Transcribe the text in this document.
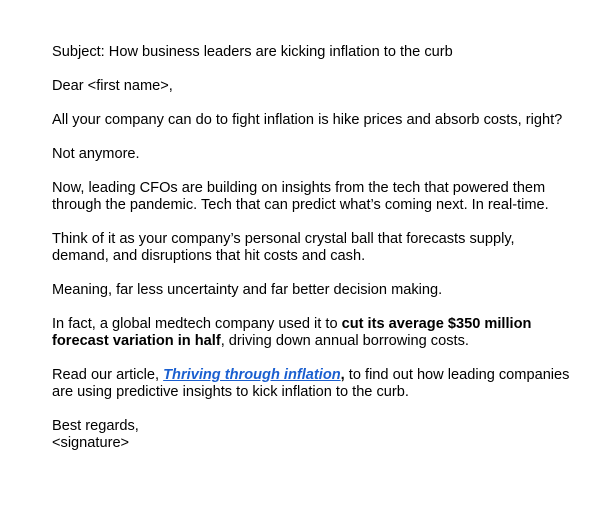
Subject: How business leaders are kicking inflation to the curb

Dear <first name>,

All your company can do to fight inflation is hike prices and absorb costs, right?

Not anymore.

Now, leading CFOs are building on insights from the tech that powered them through the pandemic. Tech that can predict what’s coming next. In real-time.

Think of it as your company’s personal crystal ball that forecasts supply, demand, and disruptions that hit costs and cash.

Meaning, far less uncertainty and far better decision making.

In fact, a global medtech company used it to cut its average $350 million forecast variation in half, driving down annual borrowing costs.

Read our article, Thriving through inflation, to find out how leading companies are using predictive insights to kick inflation to the curb.

Best regards,

<signature>
